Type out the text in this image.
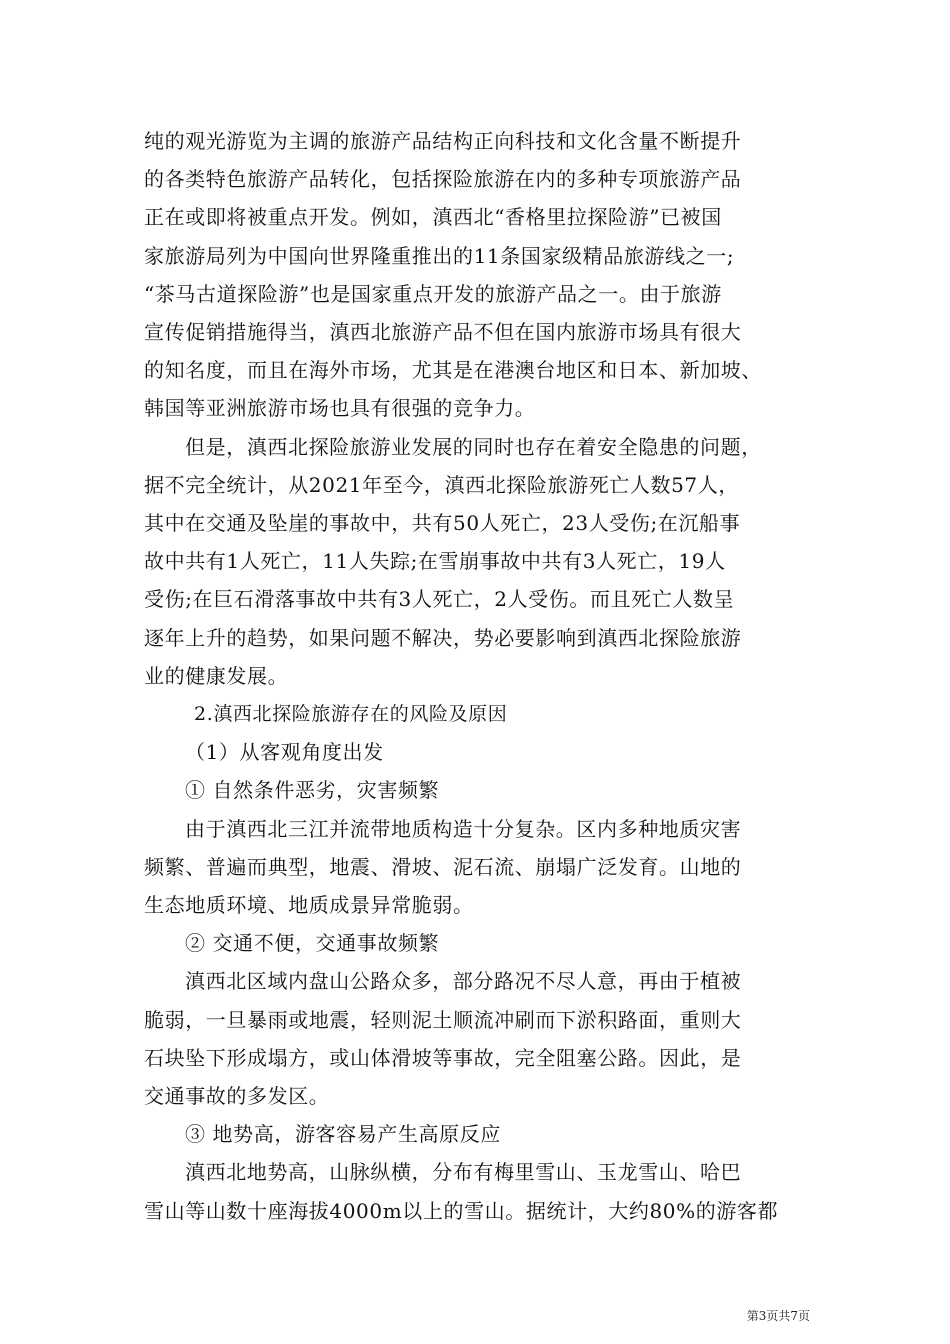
纯的观光游览为主调的旅游产品结构正向科技和文化含量不断提升
的各类特色旅游产品转化，包括探险旅游在内的多种专项旅游产品
正在或即将被重点开发。例如，滇西北“香格里拉探险游”已被国
家旅游局列为中国向世界隆重推出的11条国家级精品旅游线之一;
“茶马古道探险游”也是国家重点开发的旅游产品之一。由于旅游
宣传促销措施得当，滇西北旅游产品不但在国内旅游市场具有很大
的知名度，而且在海外市场，尤其是在港澳台地区和日本、新加坡、
韩国等亚洲旅游市场也具有很强的竞争力。

但是，滇西北探险旅游业发展的同时也存在着安全隐患的问题，
据不完全统计，从2021年至今，滇西北探险旅游死亡人数57人，
其中在交通及坠崖的事故中，共有50人死亡，23人受伤;在沉船事
故中共有1人死亡，11人失踪;在雪崩事故中共有3人死亡，19人
受伤;在巨石滑落事故中共有3人死亡，2人受伤。而且死亡人数呈
逐年上升的趋势，如果问题不解决，势必要影响到滇西北探险旅游
业的健康发展。

2.滇西北探险旅游存在的风险及原因

（1）从客观角度出发

① 自然条件恶劣，灾害频繁

由于滇西北三江并流带地质构造十分复杂。区内多种地质灾害
频繁、普遍而典型，地震、滑坡、泥石流、崩塌广泛发育。山地的
生态地质环境、地质成景异常脆弱。

② 交通不便，交通事故频繁

滇西北区域内盘山公路众多，部分路况不尽人意，再由于植被
脆弱，一旦暴雨或地震，轻则泥土顺流冲刷而下淤积路面，重则大
石块坠下形成塌方，或山体滑坡等事故，完全阻塞公路。因此，是
交通事故的多发区。

③ 地势高，游客容易产生高原反应

滇西北地势高，山脉纵横，分布有梅里雪山、玉龙雪山、哈巴
雪山等山数十座海拔4000m以上的雪山。据统计，大约80%的游客都

第3页共7页
